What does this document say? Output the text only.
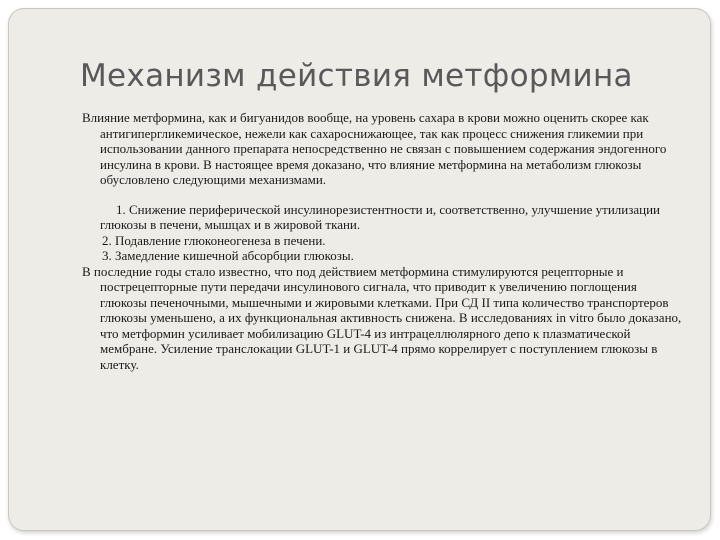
Механизм действия метформина

Влияние метформина, как и бигуанидов вообще, на уровень сахара в крови можно оценить скорее как антигипергликемическое, нежели как сахароснижающее, так как процесс снижения гликемии при использовании данного препарата непосредственно не связан с повышением содержания эндогенного инсулина в крови. В настоящее время доказано, что влияние метформина на метаболизм глюкозы обусловлено следующими механизмами.

1. Снижение периферической инсулинорезистентности и, соответственно, улучшение утилизации глюкозы в печени, мышцах и в жировой ткани.

2. Подавление глюконеогенеза в печени.

3. Замедление кишечной абсорбции глюкозы.

В последние годы стало известно, что под действием метформина стимулируются рецепторные и пострецепторные пути передачи инсулинового сигнала, что приводит к увеличению поглощения глюкозы печеночными, мышечными и жировыми клетками. При СД II типа количество транспортеров глюкозы уменьшено, а их функциональная активность снижена. В исследованиях in vitro было доказано, что метформин усиливает мобилизацию GLUT-4 из интрацеллюлярного депо к плазматической мембране. Усиление транслокации GLUT-1 и GLUT-4 прямо коррелирует с поступлением глюкозы в клетку.
